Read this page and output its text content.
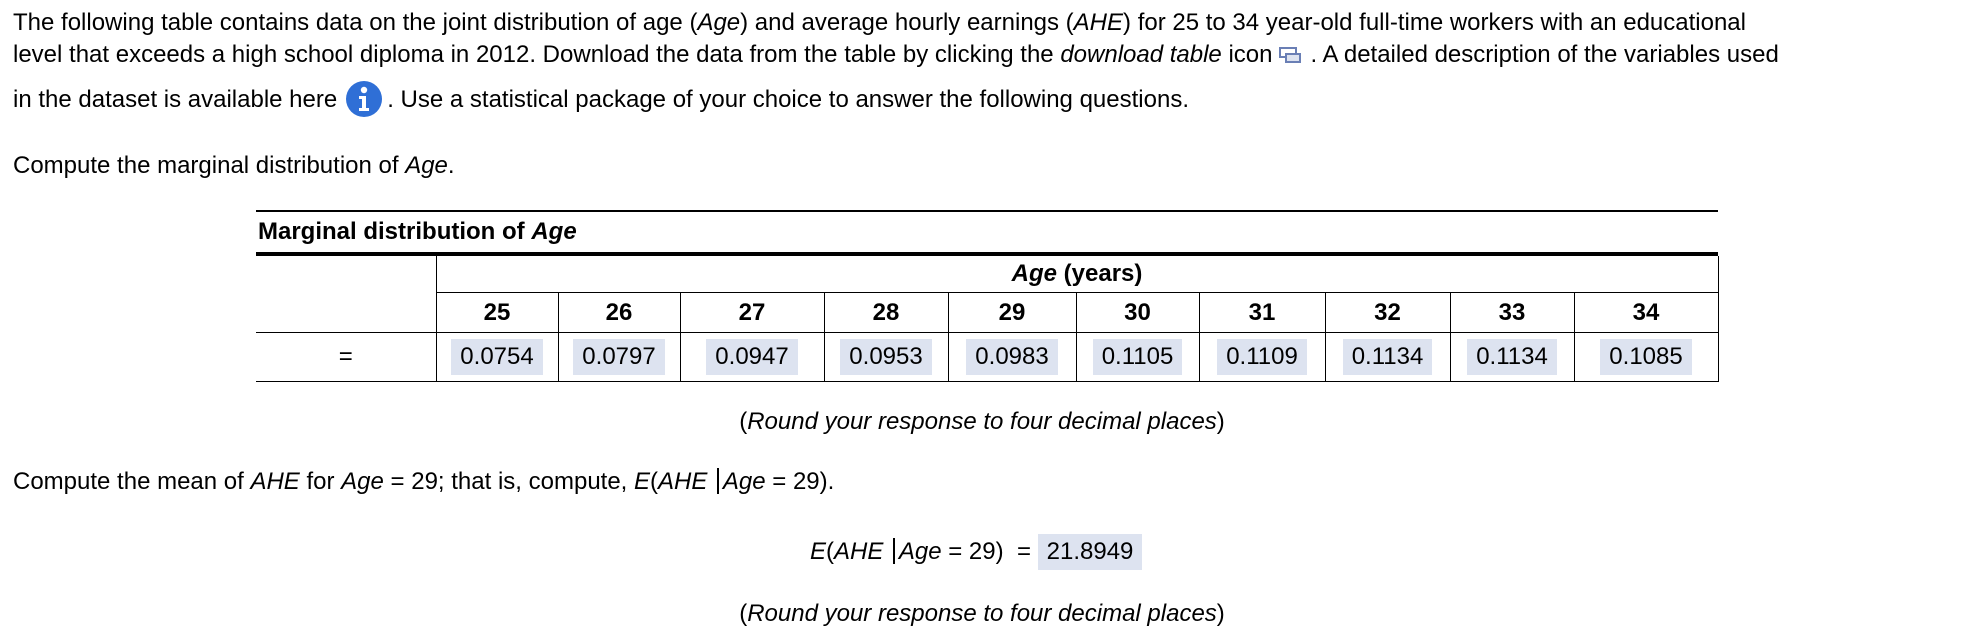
The following table contains data on the joint distribution of age (Age) and average hourly earnings (AHE) for 25 to 34 year-old full-time workers with an educational
level that exceeds a high school diploma in 2012. Download the data from the table by clicking the download table icon . A detailed description of the variables used
in the dataset is available here . Use a statistical package of your choice to answer the following questions.
Compute the marginal distribution of Age.
Marginal distribution of Age
	Age (years)									
	25	26	27	28	29	30	31	32	33	34
=	0.0754	0.0797	0.0947	0.0953	0.0983	0.1105	0.1109	0.1134	0.1134	0.1085
(Round your response to four decimal places)
Compute the mean of AHE for Age = 29; that is, compute, E(AHE Age = 29).
E(AHE Age = 29)  = 21.8949
(Round your response to four decimal places)
